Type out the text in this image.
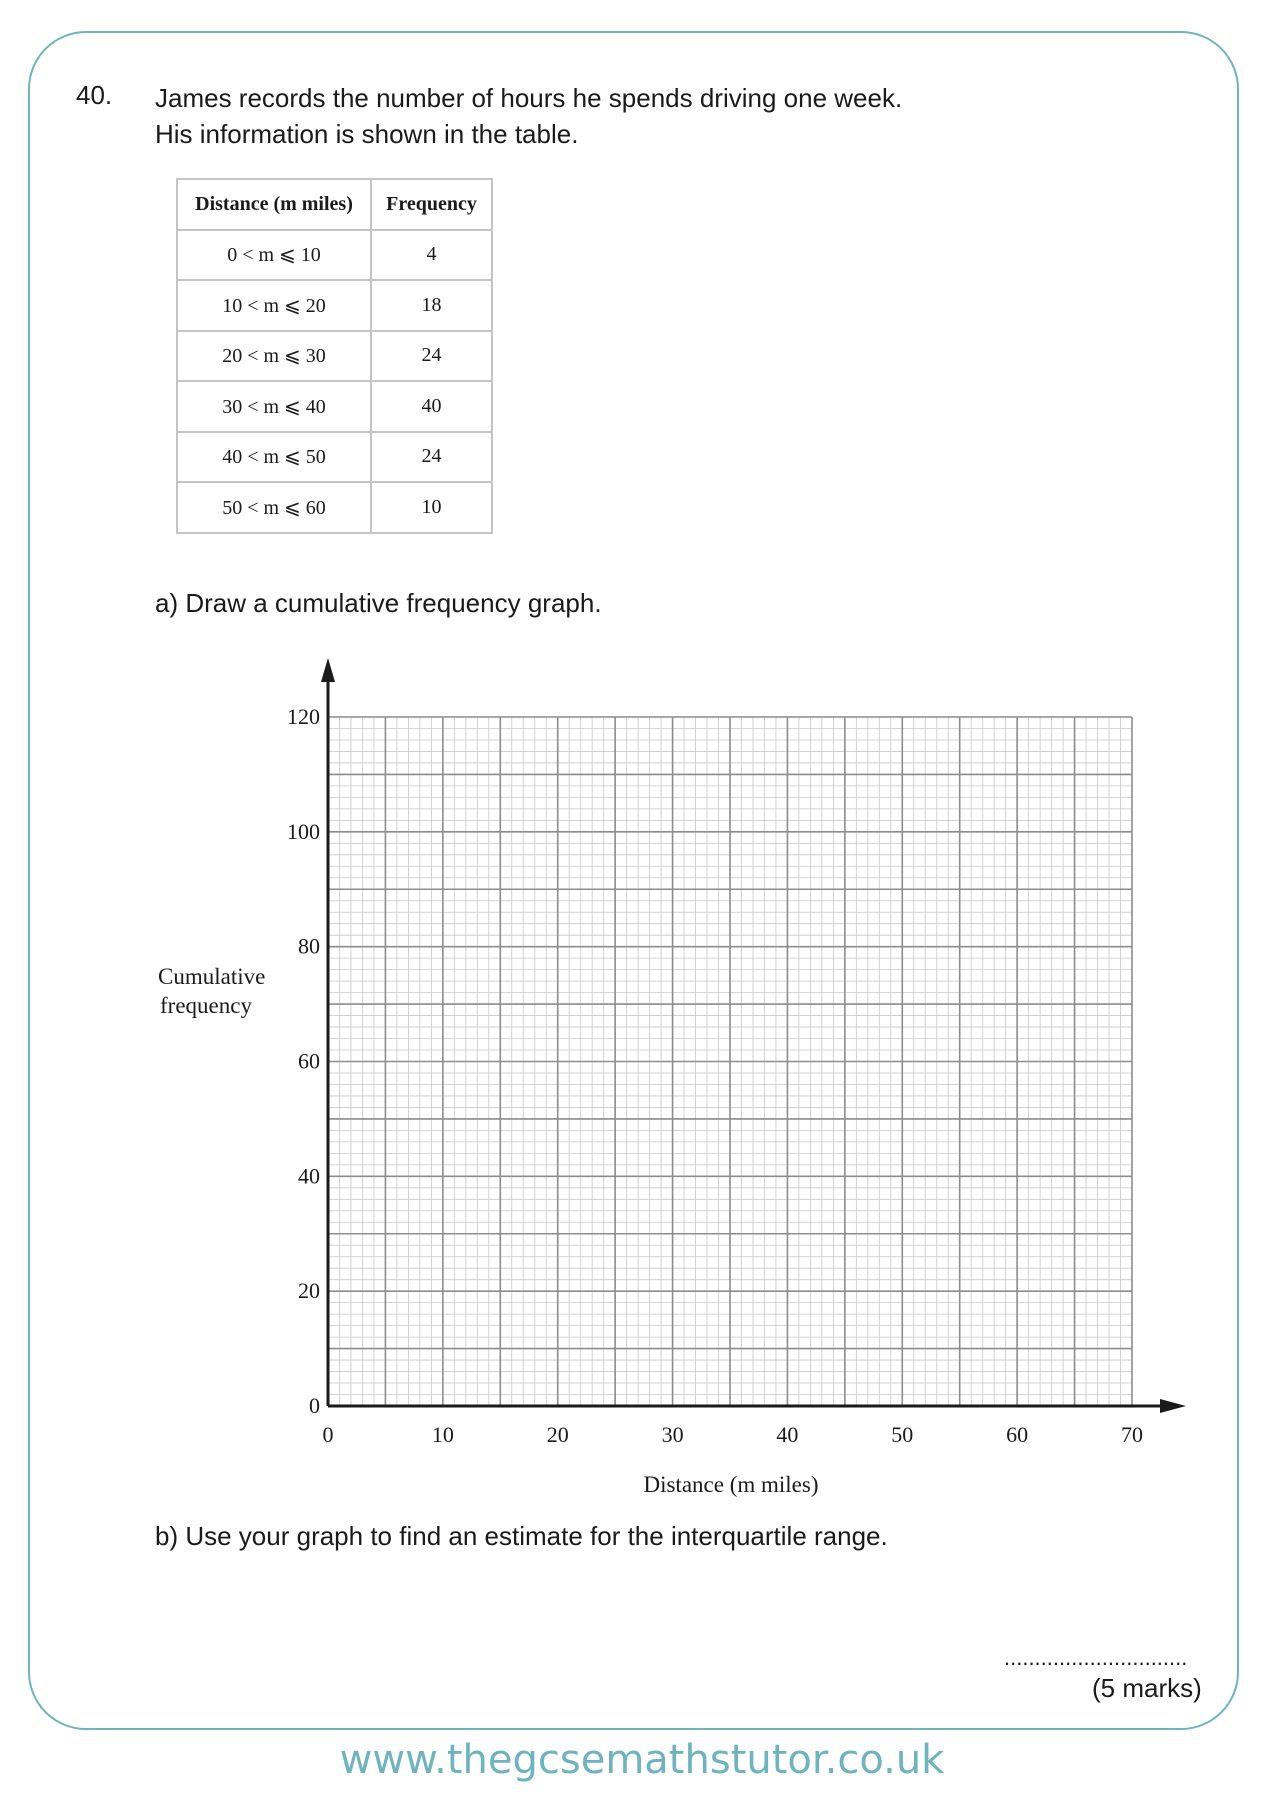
40. James records the number of hours he spends driving one week.
His information is shown in the table.
Distance (m miles)	Frequency
0 < m ⩽ 10	4
10 < m ⩽ 20	18
20 < m ⩽ 30	24
30 < m ⩽ 40	40
40 < m ⩽ 50	24
50 < m ⩽ 60	10
a) Draw a cumulative frequency graph.
0
20
40
60
80
100
120
0	10	20	30	40	50	60	70
Cumulative
frequency
Distance (m miles)
b) Use your graph to find an estimate for the interquartile range.
..............................
(5 marks)
www.thegcsemathstutor.co.uk
